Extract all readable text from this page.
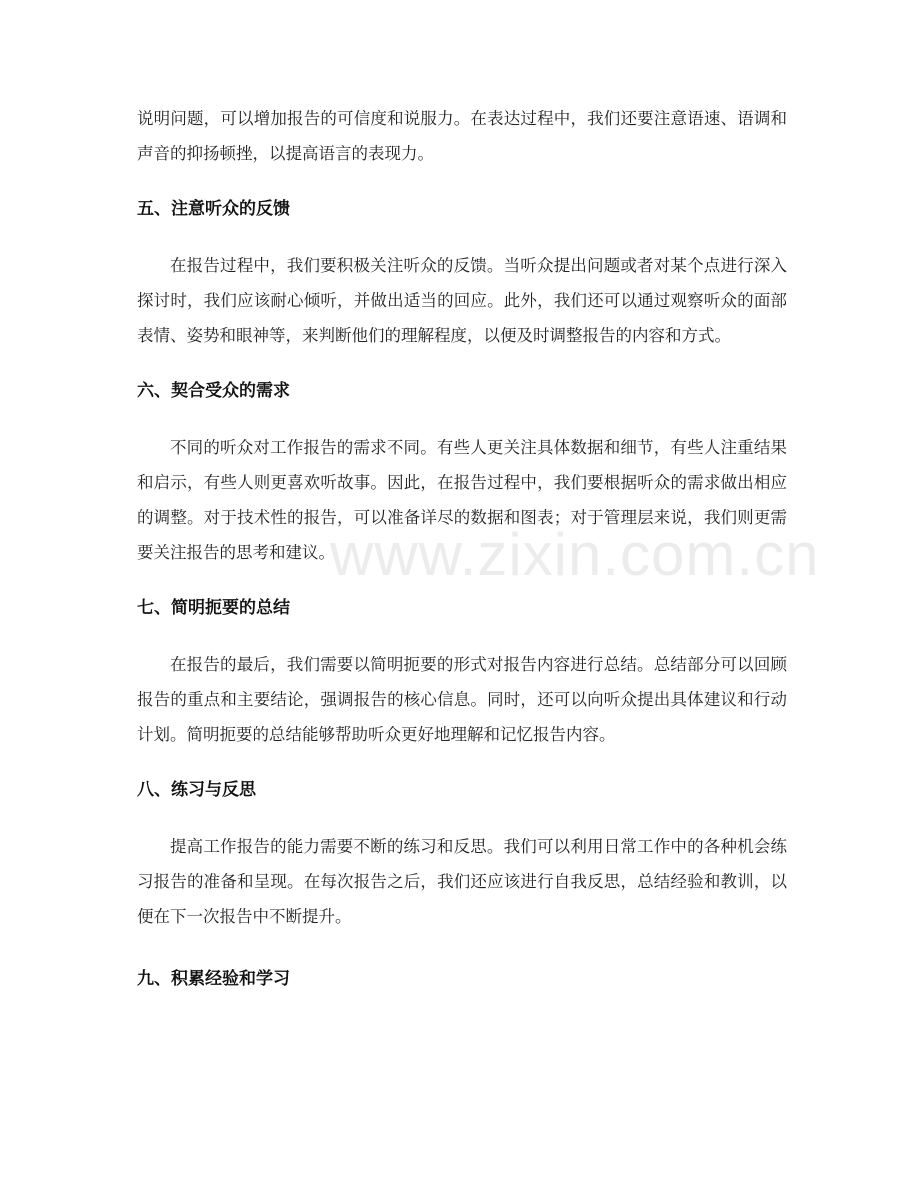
说明问题，可以增加报告的可信度和说服力。在表达过程中，我们还要注意语速、语调和声音的抑扬顿挫，以提高语言的表现力。

五、注意听众的反馈

在报告过程中，我们要积极关注听众的反馈。当听众提出问题或者对某个点进行深入探讨时，我们应该耐心倾听，并做出适当的回应。此外，我们还可以通过观察听众的面部表情、姿势和眼神等，来判断他们的理解程度，以便及时调整报告的内容和方式。

六、契合受众的需求

不同的听众对工作报告的需求不同。有些人更关注具体数据和细节，有些人注重结果和启示，有些人则更喜欢听故事。因此，在报告过程中，我们要根据听众的需求做出相应的调整。对于技术性的报告，可以准备详尽的数据和图表；对于管理层来说，我们则更需要关注报告的思考和建议。

七、简明扼要的总结

在报告的最后，我们需要以简明扼要的形式对报告内容进行总结。总结部分可以回顾报告的重点和主要结论，强调报告的核心信息。同时，还可以向听众提出具体建议和行动计划。简明扼要的总结能够帮助听众更好地理解和记忆报告内容。

八、练习与反思

提高工作报告的能力需要不断的练习和反思。我们可以利用日常工作中的各种机会练习报告的准备和呈现。在每次报告之后，我们还应该进行自我反思，总结经验和教训，以便在下一次报告中不断提升。

九、积累经验和学习
www.zixin.com.cn
